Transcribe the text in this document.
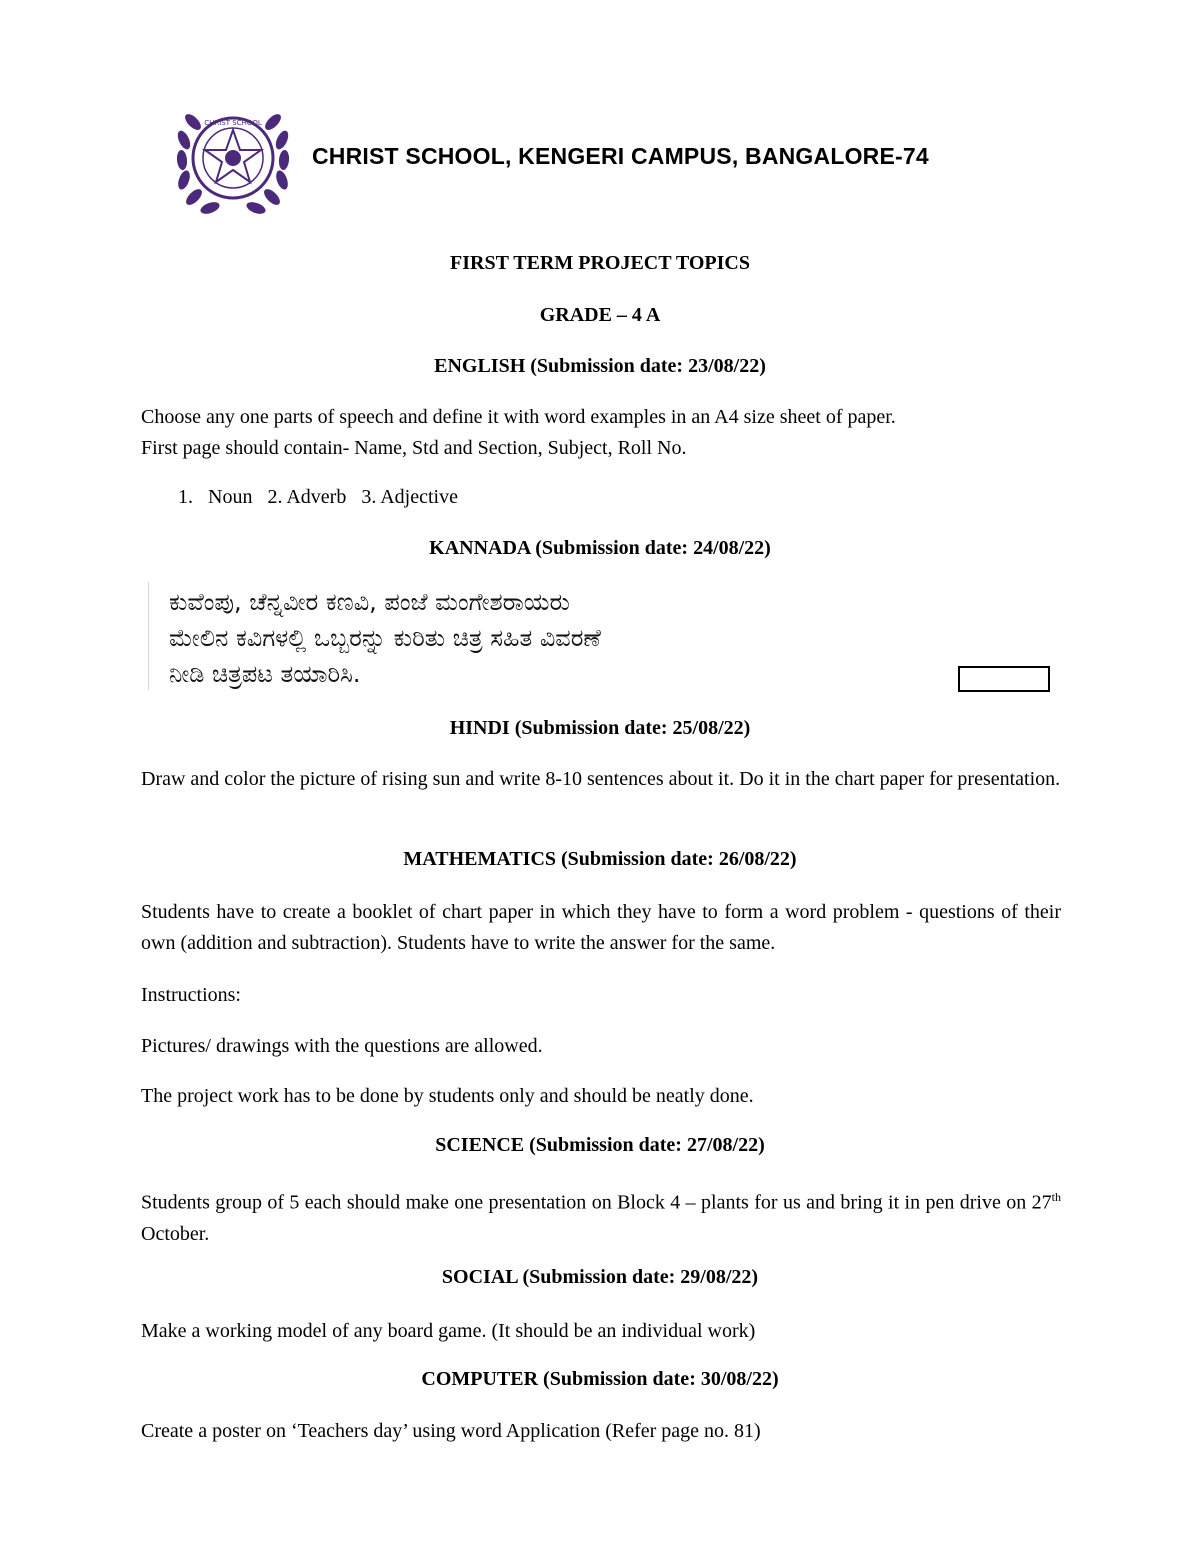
CHRIST SCHOOL
CHRIST SCHOOL, KENGERI CAMPUS, BANGALORE-74
FIRST TERM PROJECT TOPICS
GRADE – 4 A
ENGLISH (Submission date: 23/08/22)
Choose any one parts of speech and define it with word examples in an A4 size sheet of paper.
First page should contain- Name, Std and Section, Subject, Roll No.
1.   Noun 2. Adverb 3. Adjective
KANNADA (Submission date: 24/08/22)
ಕುವೆಂಪು, ಚೆನ್ನವೀರ ಕಣವಿ, ಪಂಜೆ ಮಂಗೇಶರಾಯರು
ಮೇಲಿನ ಕವಿಗಳಲ್ಲಿ ಒಬ್ಬರನ್ನು ಕುರಿತು ಚಿತ್ರ ಸಹಿತ ವಿವರಣೆ
ನೀಡಿ ಚಿತ್ರಪಟ ತಯಾರಿಸಿ.
HINDI (Submission date: 25/08/22)
Draw and color the picture of rising sun and write 8-10 sentences about it. Do it in the chart paper for presentation.
MATHEMATICS (Submission date: 26/08/22)
Students have to create a booklet of chart paper in which they have to form a word problem - questions of their own (addition and subtraction). Students have to write the answer for the same.
Instructions:
Pictures/ drawings with the questions are allowed.
The project work has to be done by students only and should be neatly done.
SCIENCE (Submission date: 27/08/22)
Students group of 5 each should make one presentation on Block 4 – plants for us and bring it in pen drive on 27th October.
SOCIAL (Submission date: 29/08/22)
Make a working model of any board game. (It should be an individual work)
COMPUTER (Submission date: 30/08/22)
Create a poster on ‘Teachers day’ using word Application (Refer page no. 81)
